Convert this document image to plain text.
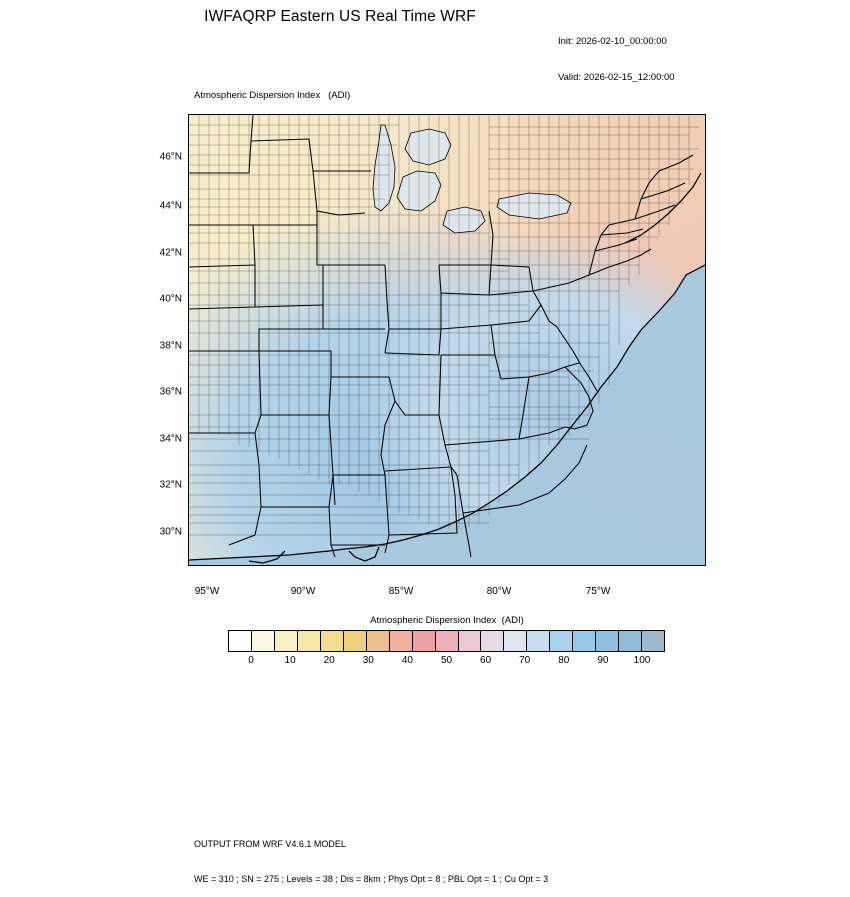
IWFAQRP Eastern US Real Time WRF

Init: 2026-02-10_00:00:00

Valid: 2026-02-15_12:00:00

Atmospheric Dispersion Index   (ADI)
46°N
44°N
42°N
40°N
38°N
36°N
34°N
32°N
30°N
95°W	90°W	85°W	80°W	75°W
Atmospheric Dispersion Index  (ADI)
0	10	20	30	40	50	60	70	80	90	100

OUTPUT FROM WRF V4.6.1 MODEL

WE = 310 ; SN = 275 ; Levels = 38 ; Dis = 8km ; Phys Opt = 8 ; PBL Opt = 1 ; Cu Opt = 3
